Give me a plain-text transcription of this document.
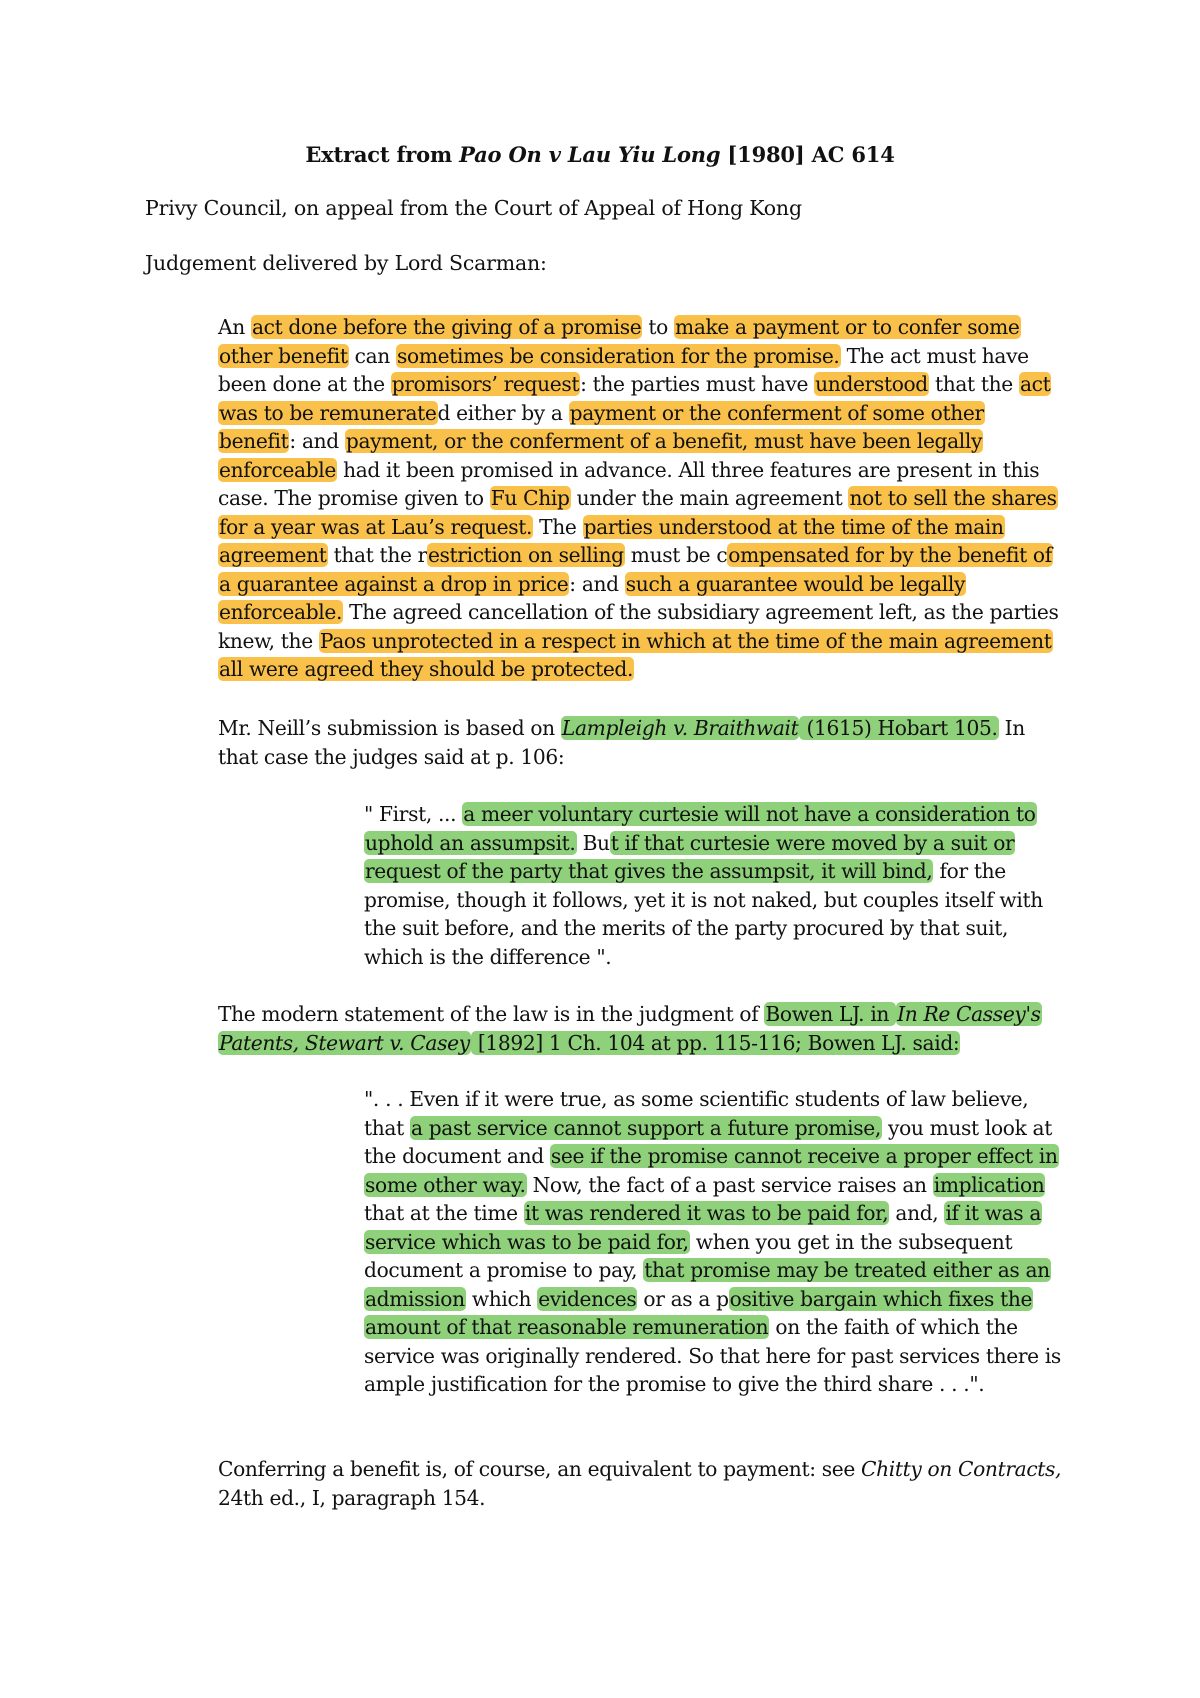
Extract from Pao On v Lau Yiu Long [1980] AC 614
Privy Council, on appeal from the Court of Appeal of Hong Kong
Judgement delivered by Lord Scarman:

An act done before the giving of a promise to make a payment or to confer some other benefit can sometimes be consideration for the promise. The act must have been done at the promisors’ request: the parties must have understood that the act was to be remunerated either by a payment or the conferment of some other benefit: and payment, or the conferment of a benefit, must have been legally enforceable had it been promised in advance. All three features are present in this case. The promise given to Fu Chip under the main agreement not to sell the shares for a year was at Lau’s request. The parties understood at the time of the main agreement that the restriction on selling must be compensated for by the benefit of a guarantee against a drop in price: and such a guarantee would be legally enforceable. The agreed cancellation of the subsidiary agreement left, as the parties knew, the Paos unprotected in a respect in which at the time of the main agreement all were agreed they should be protected.

Mr. Neill’s submission is based on Lampleigh v. Braithwait (1615) Hobart 105. In that case the judges said at p. 106:

" First, ... a meer voluntary curtesie will not have a consideration to uphold an assumpsit. But if that curtesie were moved by a suit or request of the party that gives the assumpsit, it will bind, for the promise, though it follows, yet it is not naked, but couples itself with the suit before, and the merits of the party procured by that suit, which is the difference ".

The modern statement of the law is in the judgment of Bowen LJ. in In Re Cassey's Patents, Stewart v. Casey [1892] 1 Ch. 104 at pp. 115-116; Bowen LJ. said:

". . . Even if it were true, as some scientific students of law believe, that a past service cannot support a future promise, you must look at the document and see if the promise cannot receive a proper effect in some other way. Now, the fact of a past service raises an implication that at the time it was rendered it was to be paid for, and, if it was a service which was to be paid for, when you get in the subsequent document a promise to pay, that promise may be treated either as an admission which evidences or as a positive bargain which fixes the amount of that reasonable remuneration on the faith of which the service was originally rendered. So that here for past services there is ample justification for the promise to give the third share . . .".

Conferring a benefit is, of course, an equivalent to payment: see Chitty on Contracts, 24th ed., I, paragraph 154.
